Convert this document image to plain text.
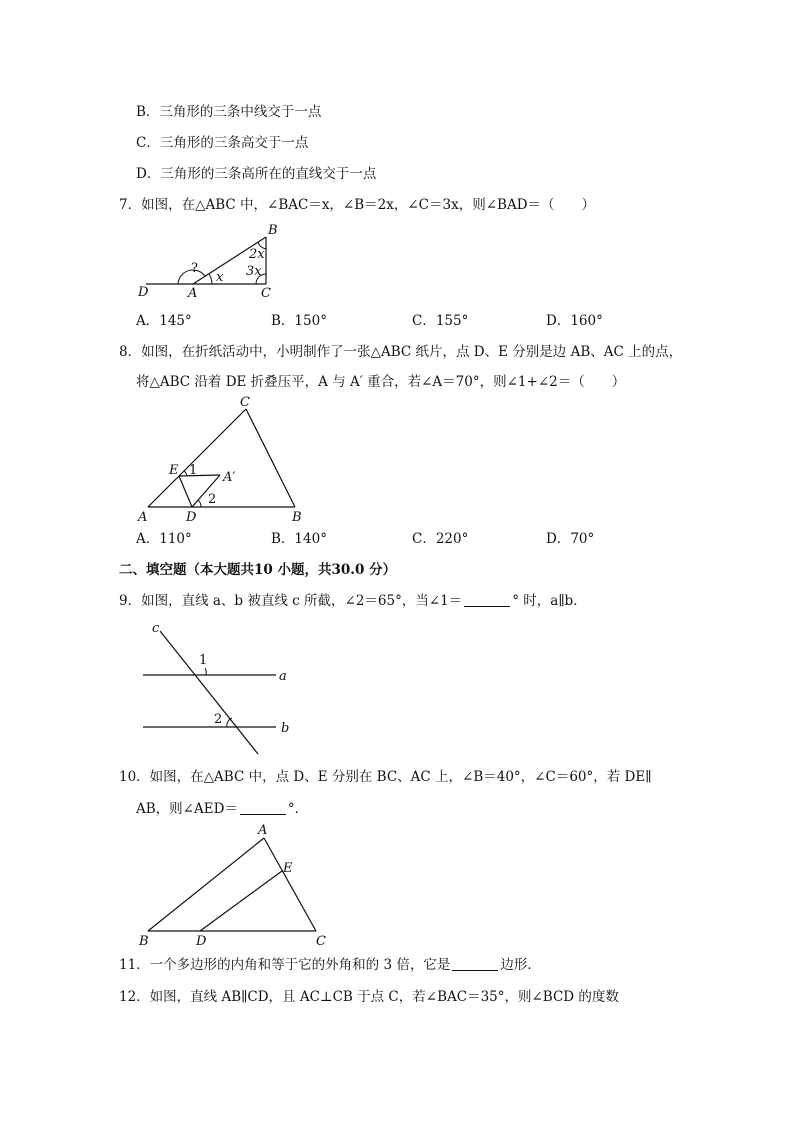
B．三角形的三条中线交于一点
C．三角形的三条高交于一点
D．三角形的三条高所在的直线交于一点
7．如图，在△ABC 中，∠BAC＝x，∠B＝2x，∠C＝3x，则∠BAD＝（　　）
B
2x
3x
x
?
D	A	C
A．145°	B．150°	C．155°	D．160°
8．如图，在折纸活动中，小明制作了一张△ABC 纸片，点 D、E 分别是边 AB、AC 上的点，
将△ABC 沿着 DE 折叠压平，A 与 A′ 重合，若∠A＝70°，则∠1+∠2＝（　　）
C
E 1 A′
2
A	D	B
A．110°	B．140°	C．220°	D．70°
二、填空题（本大题共10 小题，共30.0 分）
9．如图，直线 a、b 被直线 c 所截，∠2＝65°，当∠1＝	° 时，a∥b．
c
1
a
2
b
10．如图，在△ABC 中，点 D、E 分别在 BC、AC 上，∠B＝40°，∠C＝60°，若 DE∥
AB，则∠AED＝	°．
A
E
B	D	C
11．一个多边形的内角和等于它的外角和的 3 倍，它是	边形．
12．如图，直线 AB∥CD，且 AC⊥CB 于点 C，若∠BAC＝35°，则∠BCD 的度数
